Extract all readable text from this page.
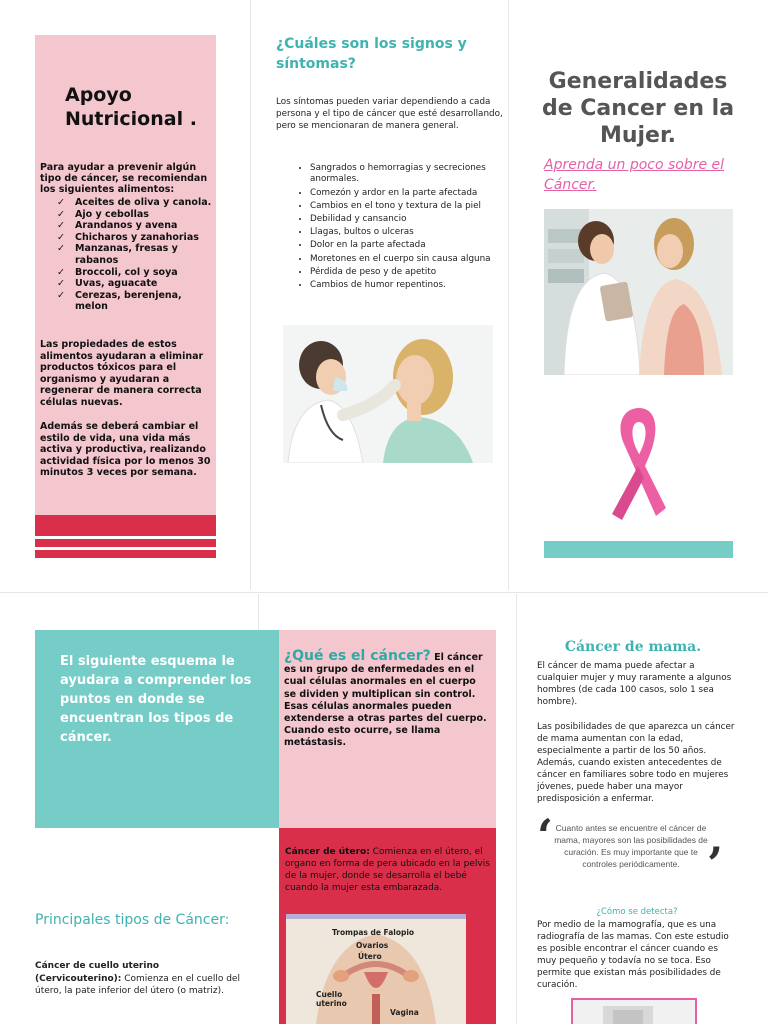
Apoyo Nutricional .
Para ayudar a prevenir algún tipo de cáncer, se recomiendan los siguientes alimentos:
✓ Aceites de oliva y canola.
✓ Ajo y cebollas
✓ Arandanos y avena
✓ Chicharos y zanahorias
✓ Manzanas, fresas y rabanos
✓ Broccoli, col y soya
✓ Uvas, aguacate
✓ Cerezas, berenjena, melon
Las propiedades de estos alimentos ayudaran a eliminar productos tóxicos para el organismo y ayudaran a regenerar de manera correcta células nuevas.
Además se deberá cambiar el estilo de vida, una vida más activa y productiva, realizando actividad física por lo menos 30 minutos 3 veces por semana.
¿Cuáles son los signos y síntomas?
Los síntomas pueden variar dependiendo a cada persona y el tipo de cáncer que esté desarrollando, pero se mencionaran de manera general.
• Sangrados o hemorragias y secreciones anormales.
• Comezón y ardor en la parte afectada
• Cambios en el tono y textura de la piel
• Debilidad y cansancio
• Llagas, bultos o ulceras
• Dolor en la parte afectada
• Moretones en el cuerpo sin causa alguna
• Pérdida de peso y de apetito
• Cambios de humor repentinos.
Generalidades de Cancer en la Mujer.
Aprenda un poco sobre el Cáncer.

El siguiente esquema le ayudara a comprender los puntos en donde se encuentran los tipos de cáncer.

¿Qué es el cáncer? El cáncer es un grupo de enfermedades en el cual células anormales en el cuerpo se dividen y multiplican sin control. Esas células anormales pueden extenderse a otras partes del cuerpo. Cuando esto ocurre, se llama metástasis.

Cáncer de útero: Comienza en el útero, el organo en forma de pera ubicado en la pelvis de la mujer, donde se desarrolla el bebé cuando la mujer esta embarazada.
Trompas de Falopio
Ovarios
Útero
Cuello uterino
Vagina
Principales tipos de Cáncer:
Cáncer de cuello uterino (Cervicouterino): Comienza en el cuello del útero, la pate inferior del útero (o matriz).
Cáncer de mama.
El cáncer de mama puede afectar a cualquier mujer y muy raramente a algunos hombres (de cada 100 casos, solo 1 sea hombre).
Las posibilidades de que aparezca un cáncer de mama aumentan con la edad, especialmente a partir de los 50 años. Además, cuando existen antecedentes de cáncer en familiares sobre todo en mujeres jóvenes, puede haber una mayor predisposición a enfermar.
‘ Cuanto antes se encuentre el cáncer de mama, mayores son las posibilidades de curación. Es muy importante que te controles periódicamente. ’
¿Cómo se detecta?
Por medio de la mamografía, que es una radiografía de las mamas. Con este estudio es posible encontrar el cáncer cuando es muy pequeño y todavía no se toca. Eso permite que existan más posibilidades de curación.
